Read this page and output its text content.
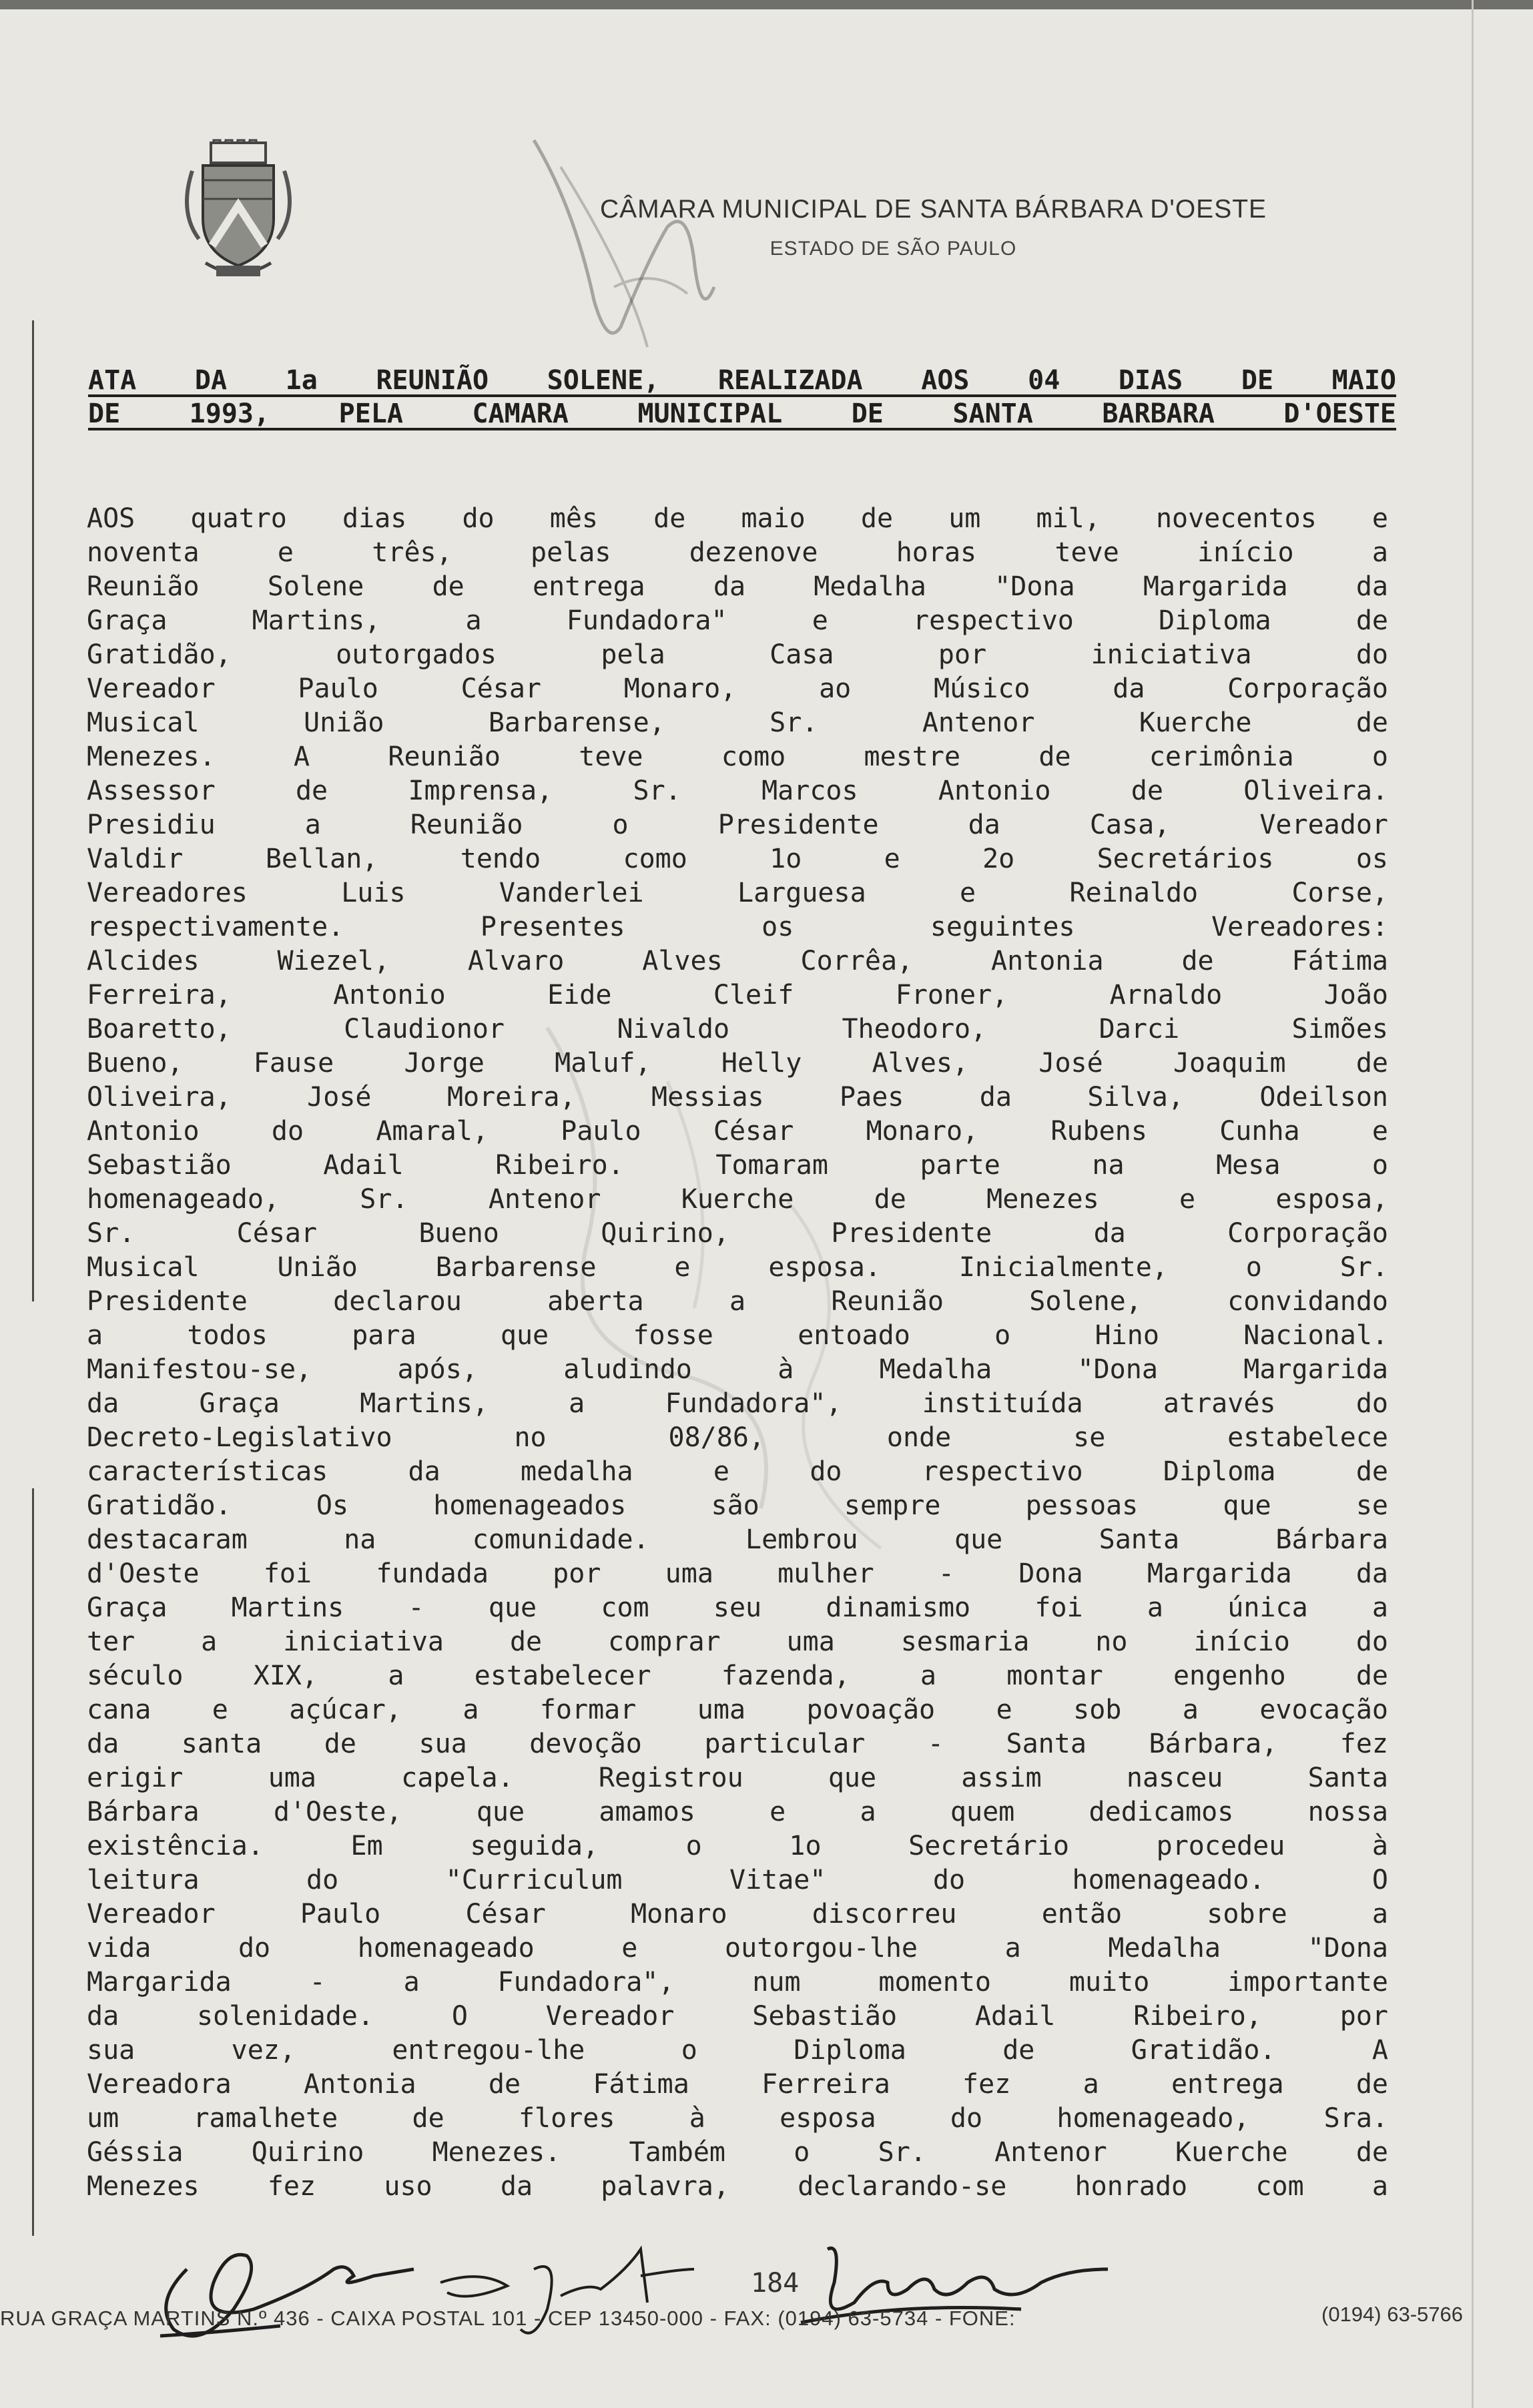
CÂMARA MUNICIPAL DE SANTA BÁRBARA D'OESTE
ESTADO DE SÃO PAULO
ATA DA 1a REUNIÃO SOLENE, REALIZADA AOS 04 DIAS DE MAIO
DE 1993, PELA CAMARA MUNICIPAL DE SANTA BARBARA D'OESTE
AOS quatro dias do mês de maio de um mil, novecentos e
noventa e três, pelas dezenove horas teve início a
Reunião Solene de entrega da Medalha "Dona Margarida da
Graça Martins, a Fundadora" e respectivo Diploma de
Gratidão, outorgados pela Casa por iniciativa do
Vereador Paulo César Monaro, ao Músico da Corporação
Musical União Barbarense, Sr. Antenor Kuerche de
Menezes. A Reunião teve como mestre de cerimônia o
Assessor de Imprensa, Sr. Marcos Antonio de Oliveira.
Presidiu a Reunião o Presidente da Casa, Vereador
Valdir Bellan, tendo como 1o e 2o Secretários os
Vereadores Luis Vanderlei Larguesa e Reinaldo Corse,
respectivamente. Presentes os seguintes Vereadores:
Alcides Wiezel, Alvaro Alves Corrêa, Antonia de Fátima
Ferreira, Antonio Eide Cleif Froner, Arnaldo João
Boaretto, Claudionor Nivaldo Theodoro, Darci Simões
Bueno, Fause Jorge Maluf, Helly Alves, José Joaquim de
Oliveira, José Moreira, Messias Paes da Silva, Odeilson
Antonio do Amaral, Paulo César Monaro, Rubens Cunha e
Sebastião Adail Ribeiro. Tomaram parte na Mesa o
homenageado, Sr. Antenor Kuerche de Menezes e esposa,
Sr. César Bueno Quirino, Presidente da Corporação
Musical União Barbarense e esposa. Inicialmente, o Sr.
Presidente declarou aberta a Reunião Solene, convidando
a todos para que fosse entoado o Hino Nacional.
Manifestou-se, após, aludindo à Medalha "Dona Margarida
da Graça Martins, a Fundadora", instituída através do
Decreto-Legislativo no 08/86, onde se estabelece
características da medalha e do respectivo Diploma de
Gratidão. Os homenageados são sempre pessoas que se
destacaram na comunidade. Lembrou que Santa Bárbara
d'Oeste foi fundada por uma mulher - Dona Margarida da
Graça Martins - que com seu dinamismo foi a única a
ter a iniciativa de comprar uma sesmaria no início do
século XIX, a estabelecer fazenda, a montar engenho de
cana e açúcar, a formar uma povoação e sob a evocação
da santa de sua devoção particular - Santa Bárbara, fez
erigir uma capela. Registrou que assim nasceu Santa
Bárbara d'Oeste, que amamos e a quem dedicamos nossa
existência. Em seguida, o 1o Secretário procedeu à
leitura do "Curriculum Vitae" do homenageado. O
Vereador Paulo César Monaro discorreu então sobre a
vida do homenageado e outorgou-lhe a Medalha "Dona
Margarida - a Fundadora", num momento muito importante
da solenidade. O Vereador Sebastião Adail Ribeiro, por
sua vez, entregou-lhe o Diploma de Gratidão. A
Vereadora Antonia de Fátima Ferreira fez a entrega de
um ramalhete de flores à esposa do homenageado, Sra.
Géssia Quirino Menezes. Também o Sr. Antenor Kuerche de
Menezes fez uso da palavra, declarando-se honrado com a
184
RUA GRAÇA MARTINS N.º 436 - CAIXA POSTAL 101 - CEP 13450-000 - FAX: (0194) 63-5734 - FONE:	(0194) 63-5766
